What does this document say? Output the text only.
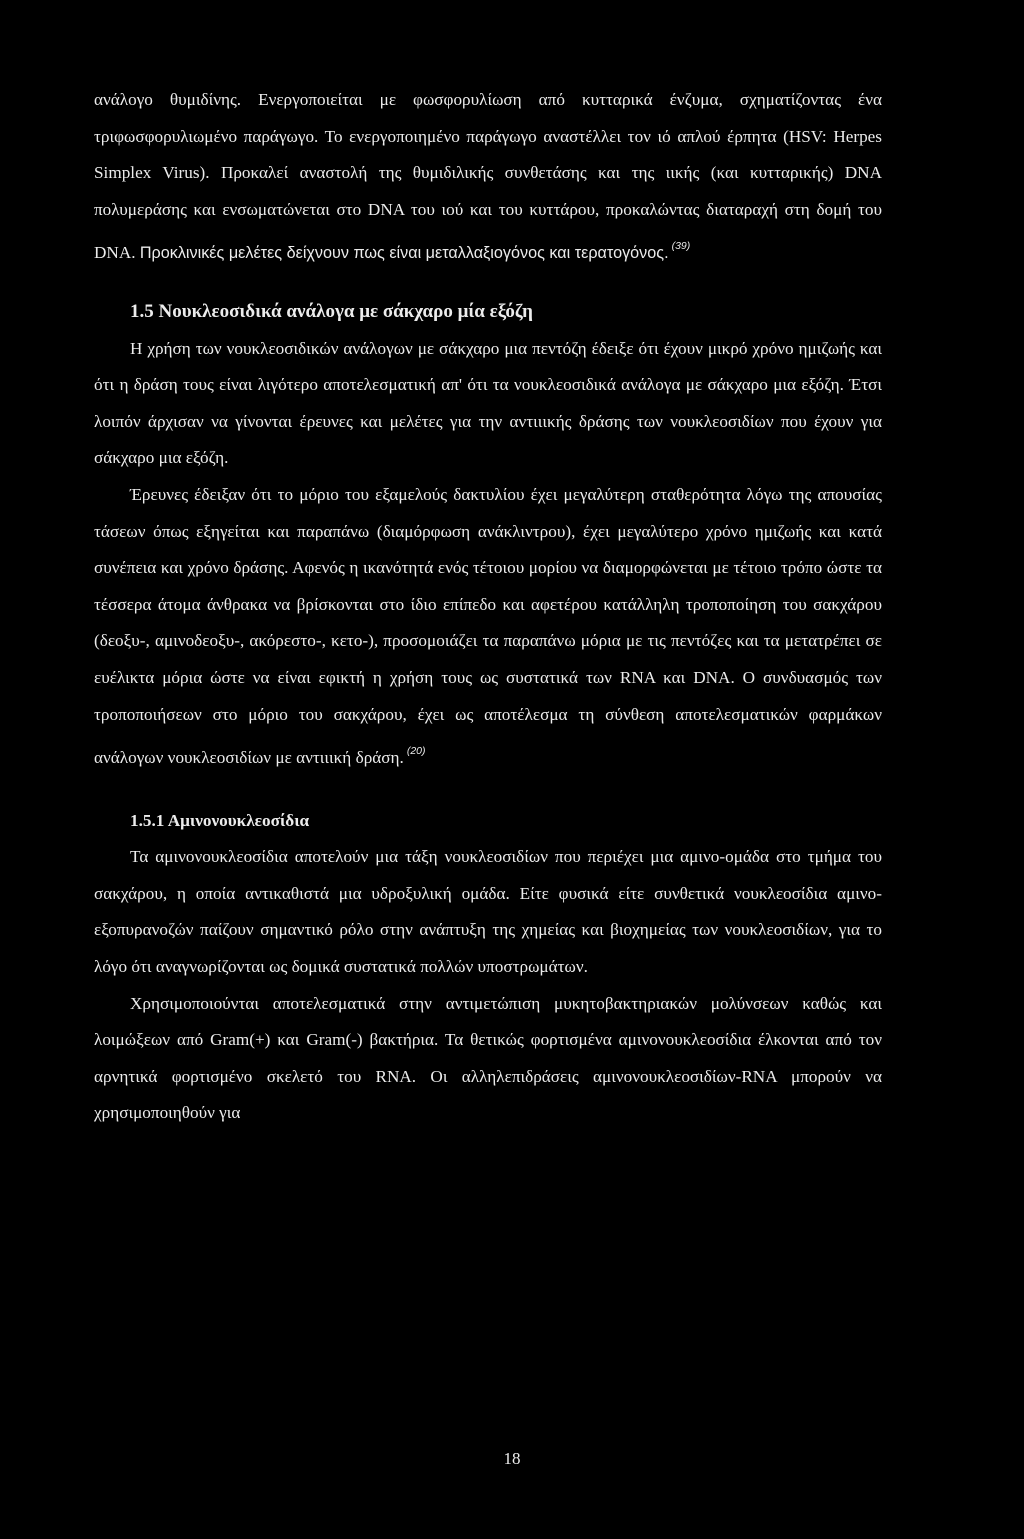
ανάλογο θυμιδίνης. Ενεργοποιείται με φωσφορυλίωση από κυτταρικά ένζυμα, σχηματίζοντας ένα τριφωσφορυλιωμένο παράγωγο. Το ενεργοποιημένο παράγωγο αναστέλλει τον ιό απλού έρπητα (HSV: Herpes Simplex Virus). Προκαλεί αναστολή της θυμιδιλικής συνθετάσης και της ιικής (και κυτταρικής) DNA πολυμεράσης και ενσωματώνεται στο DNA του ιού και του κυττάρου, προκαλώντας διαταραχή στη δομή του DNA. Προκλινικές μελέτες δείχνουν πως είναι μεταλλαξιογόνος και τερατογόνος. $^{(39)}$

1.5 Νουκλεοσιδικά ανάλογα με σάκχαρο μία εξόζη

Η χρήση των νουκλεοσιδικών ανάλογων με σάκχαρο μια πεντόζη έδειξε ότι έχουν μικρό χρόνο ημιζωής και ότι η δράση τους είναι λιγότερο αποτελεσματική απ' ότι τα νουκλεοσιδικά ανάλογα με σάκχαρο μια εξόζη. Έτσι λοιπόν άρχισαν να γίνονται έρευνες και μελέτες για την αντιιικής δράσης των νουκλεοσιδίων που έχουν για σάκχαρο μια εξόζη.

Έρευνες έδειξαν ότι το μόριο του εξαμελούς δακτυλίου έχει μεγαλύτερη σταθερότητα λόγω της απουσίας τάσεων όπως εξηγείται και παραπάνω (διαμόρφωση ανάκλιντρου), έχει μεγαλύτερο χρόνο ημιζωής και κατά συνέπεια και χρόνο δράσης. Αφενός η ικανότητά ενός τέτοιου μορίου να διαμορφώνεται με τέτοιο τρόπο ώστε τα τέσσερα άτομα άνθρακα να βρίσκονται στο ίδιο επίπεδο και αφετέρου κατάλληλη τροποποίηση του σακχάρου (δεοξυ-, αμινοδεοξυ-, ακόρεστο-, κετο-), προσομοιάζει τα παραπάνω μόρια με τις πεντόζες και τα μετατρέπει σε ευέλικτα μόρια ώστε να είναι εφικτή η χρήση τους ως συστατικά των RNA και DNA. Ο συνδυασμός των τροποποιήσεων στο μόριο του σακχάρου, έχει ως αποτέλεσμα τη σύνθεση αποτελεσματικών φαρμάκων ανάλογων νουκλεοσιδίων με αντιιική δράση. $^{(20)}$

1.5.1 Αμινονουκλεοσίδια

Τα αμινονουκλεοσίδια αποτελούν μια τάξη νουκλεοσιδίων που περιέχει μια αμινο-ομάδα στο τμήμα του σακχάρου, η οποία αντικαθιστά μια υδροξυλική ομάδα. Είτε φυσικά είτε συνθετικά νουκλεοσίδια αμινο-εξοπυρανοζών παίζουν σημαντικό ρόλο στην ανάπτυξη της χημείας και βιοχημείας των νουκλεοσιδίων, για το λόγο ότι αναγνωρίζονται ως δομικά συστατικά πολλών υποστρωμάτων.

Χρησιμοποιούνται αποτελεσματικά στην αντιμετώπιση μυκητοβακτηριακών μολύνσεων καθώς και λοιμώξεων από Gram(+) και Gram(-) βακτήρια. Τα θετικώς φορτισμένα αμινονουκλεοσίδια έλκονται από τον αρνητικά φορτισμένο σκελετό του RNA. Οι αλληλεπιδράσεις αμινονουκλεοσιδίων-RNA μπορούν να χρησιμοποιηθούν για

18
